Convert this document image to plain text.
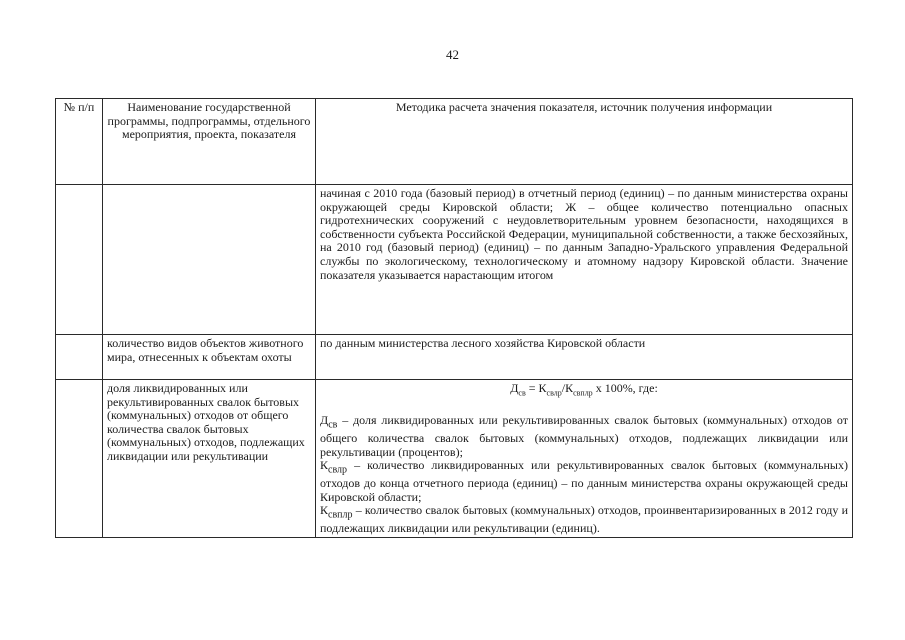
42
№ п/п	Наименование государственной программы, подпрограммы, отдельного мероприятия, проекта, показателя	Методика расчета значения показателя, источник получения информации
		начиная с 2010 года (базовый период) в отчетный период (единиц) – по данным министерства охраны окружающей среды Кировской области; Ж – общее количество потенциально опасных гидротехнических сооружений с неудовлетворительным уровнем безопасности, находящихся в собственности субъекта Российской Федерации, муниципальной собственности, а также бесхозяйных, на 2010 год (базовый период) (единиц) – по данным Западно-Уральского управления Федеральной службы по экологическому, технологическому и атомному надзору Кировской области. Значение показателя указывается нарастающим итогом
	количество видов объектов животного мира, отнесенных к объектам охоты	по данным министерства лесного хозяйства Кировской области
	доля ликвидированных или рекультивированных свалок бытовых (коммунальных) отходов от общего количества свалок бытовых (коммунальных) отходов, подлежащих ликвидации или рекультивации	$Д_{св} = К_{свлр}/К_{свплр}$ х 100%, где:

$Д_{св}$ – доля ликвидированных или рекультивированных свалок бытовых (коммунальных) отходов от общего количества свалок бытовых (коммунальных) отходов, подлежащих ликвидации или рекультивации (процентов);

$К_{свлр}$ – количество ликвидированных или рекультивированных свалок бытовых (коммунальных) отходов до конца отчетного периода (единиц) – по данным министерства охраны окружающей среды Кировской области;

$К_{свплр}$ – количество свалок бытовых (коммунальных) отходов, проинвентаризированных в 2012 году и подлежащих ликвидации или рекультивации (единиц).
